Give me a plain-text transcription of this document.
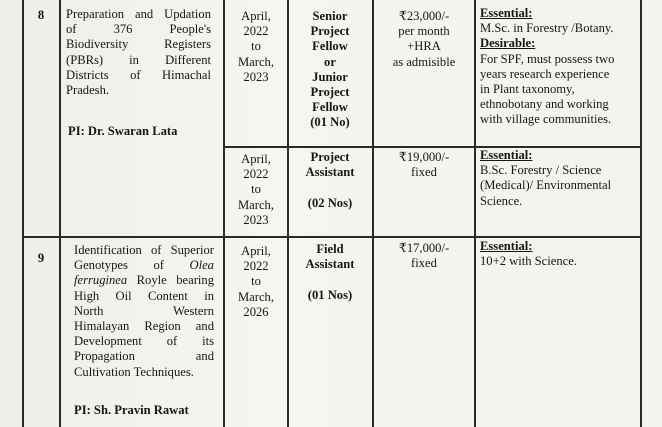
8	Preparation and Updation
of 376 People's
Biodiversity Registers
(PBRs) in Different
Districts of Himachal
Pradesh.
PI: Dr. Swaran Lata
April,
2022
to
March,
2023
Senior
Project
Fellow
or
Junior
Project
Fellow
(01 No)
₹23,000/-
per month
+HRA
as admisible
Essential:
M.Sc. in Forestry /Botany.
Desirable:
For SPF, must possess two
years research experience
in Plant taxonomy,
ethnobotany and working
with village communities.
April,
2022
to
March,
2023
Project
Assistant

(02 Nos)
₹19,000/-
fixed
Essential:
B.Sc. Forestry / Science
(Medical)/ Environmental
Science.
9
Identification of Superior
Genotypes of Olea
ferruginea Royle bearing
High Oil Content in
North	Western
Himalayan Region and
Development of its
Propagation and
Cultivation Techniques.
PI: Sh. Pravin Rawat
April,
2022
to
March,
2026
Field
Assistant

(01 Nos)
₹17,000/-
fixed
Essential:
10+2 with Science.
